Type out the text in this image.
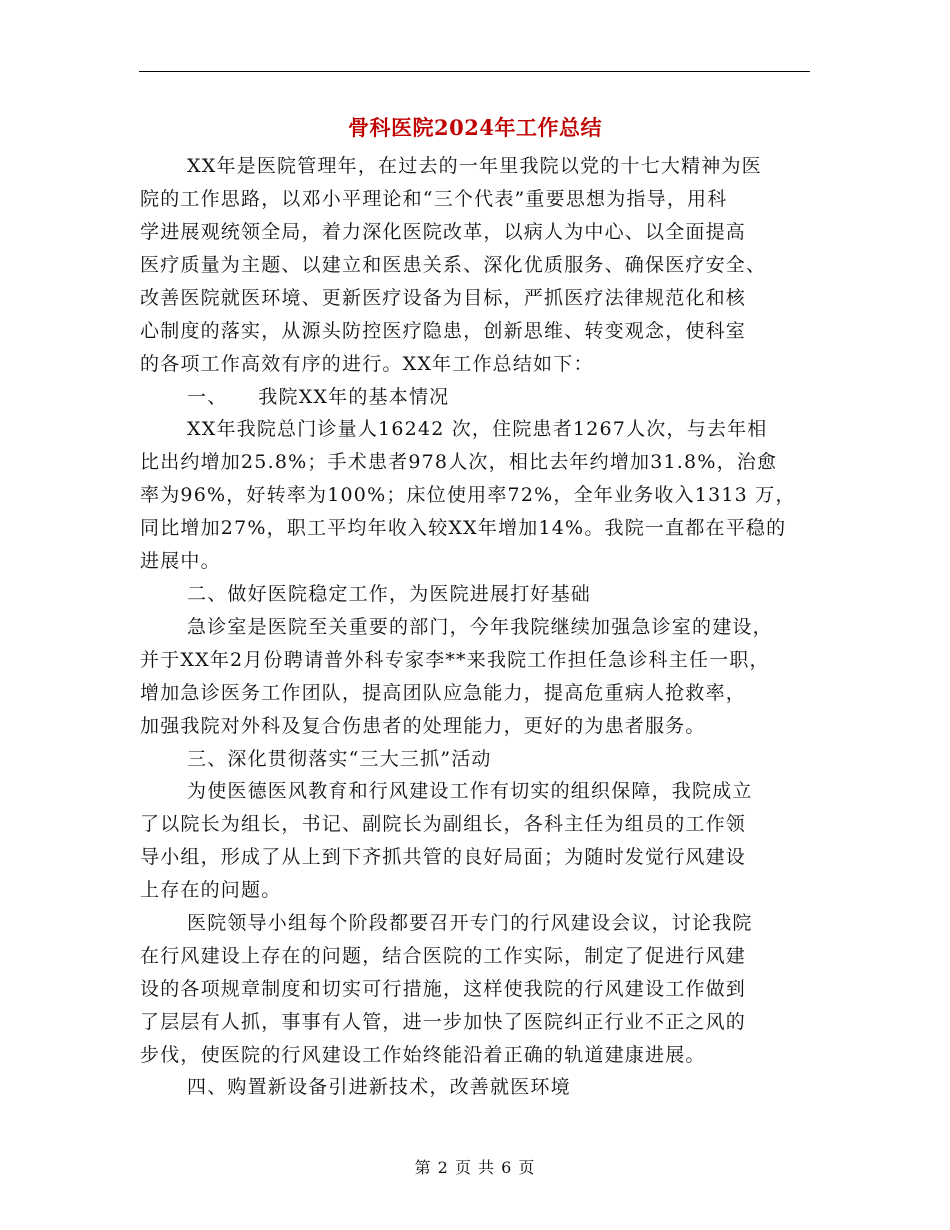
骨科医院2024年工作总结
XX年是医院管理年，在过去的一年里我院以党的十七大精神为医
院的工作思路，以邓小平理论和“三个代表”重要思想为指导，用科
学进展观统领全局，着力深化医院改革，以病人为中心、以全面提高
医疗质量为主题、以建立和医患关系、深化优质服务、确保医疗安全、
改善医院就医环境、更新医疗设备为目标，严抓医疗法律规范化和核
心制度的落实，从源头防控医疗隐患，创新思维、转变观念，使科室
的各项工作高效有序的进行。XX年工作总结如下：
一、　　我院XX年的基本情况
XX年我院总门诊量人16242 次，住院患者1267人次，与去年相
比出约增加25.8%；手术患者978人次，相比去年约增加31.8%，治愈
率为96%，好转率为100%；床位使用率72%，全年业务收入1313 万，
同比增加27%，职工平均年收入较XX年增加14%。我院一直都在平稳的
进展中。
二、做好医院稳定工作，为医院进展打好基础
急诊室是医院至关重要的部门，今年我院继续加强急诊室的建设，
并于XX年2月份聘请普外科专家李**来我院工作担任急诊科主任一职，
增加急诊医务工作团队，提高团队应急能力，提高危重病人抢救率，
加强我院对外科及复合伤患者的处理能力，更好的为患者服务。
三、深化贯彻落实“三大三抓”活动
为使医德医风教育和行风建设工作有切实的组织保障，我院成立
了以院长为组长，书记、副院长为副组长，各科主任为组员的工作领
导小组，形成了从上到下齐抓共管的良好局面；为随时发觉行风建设
上存在的问题。
医院领导小组每个阶段都要召开专门的行风建设会议，讨论我院
在行风建设上存在的问题，结合医院的工作实际，制定了促进行风建
设的各项规章制度和切实可行措施，这样使我院的行风建设工作做到
了层层有人抓，事事有人管，进一步加快了医院纠正行业不正之风的
步伐，使医院的行风建设工作始终能沿着正确的轨道建康进展。
四、购置新设备引进新技术，改善就医环境
第 2 页 共 6 页
